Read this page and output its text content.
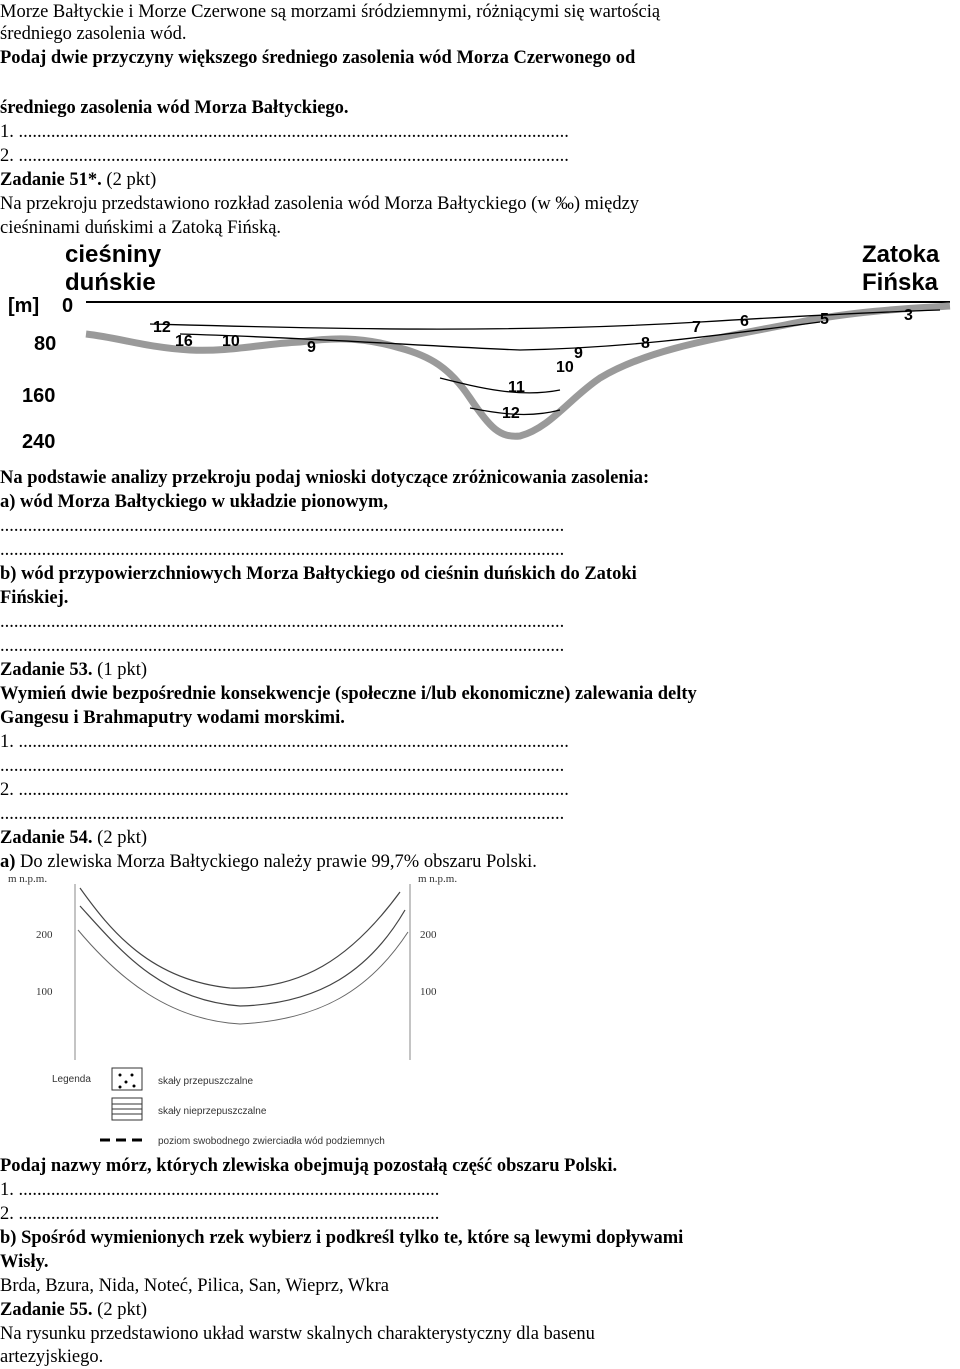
Morze Bałtyckie i Morze Czerwone są morzami śródziemnymi, różniącymi się wartością
średniego zasolenia wód.
Podaj dwie przyczyny większego średniego zasolenia wód Morza Czerwonego od
średniego zasolenia wód Morza Bałtyckiego.
1. .......................................................................................................................
2. .......................................................................................................................
Zadanie 51*. (2 pkt)
Na przekroju przedstawiono rozkład zasolenia wód Morza Bałtyckiego (w ‰) między
cieśninami duńskimi a Zatoką Fińską.
cieśniny
duńskie
Zatoka
Fińska
[m] 0
80
160
240
12
16 10	9
11
12
10
9
8
7 6	5	3
Na podstawie analizy przekroju podaj wnioski dotyczące zróżnicowania zasolenia:
a) wód Morza Bałtyckiego w układzie pionowym,
..........................................................................................................................
..........................................................................................................................
b) wód przypowierzchniowych Morza Bałtyckiego od cieśnin duńskich do Zatoki
Fińskiej.
..........................................................................................................................
..........................................................................................................................
Zadanie 53. (1 pkt)
Wymień dwie bezpośrednie konsekwencje (społeczne i/lub ekonomiczne) zalewania delty
Gangesu i Brahmaputry wodami morskimi.
1. .......................................................................................................................
..........................................................................................................................
2. .......................................................................................................................
..........................................................................................................................
Zadanie 54. (2 pkt)
a) Do zlewiska Morza Bałtyckiego należy prawie 99,7% obszaru Polski.
m n.p.m.	m n.p.m.
200
100
200
100
Legenda	skały przepuszczalne
skały nieprzepuszczalne
poziom swobodnego zwierciadła wód podziemnych
Podaj nazwy mórz, których zlewiska obejmują pozostałą część obszaru Polski.
1. ...........................................................................................
2. ...........................................................................................
b) Spośród wymienionych rzek wybierz i podkreśl tylko te, które są lewymi dopływami
Wisły.
Brda, Bzura, Nida, Noteć, Pilica, San, Wieprz, Wkra
Zadanie 55. (2 pkt)
Na rysunku przedstawiono układ warstw skalnych charakterystyczny dla basenu
artezyjskiego.
